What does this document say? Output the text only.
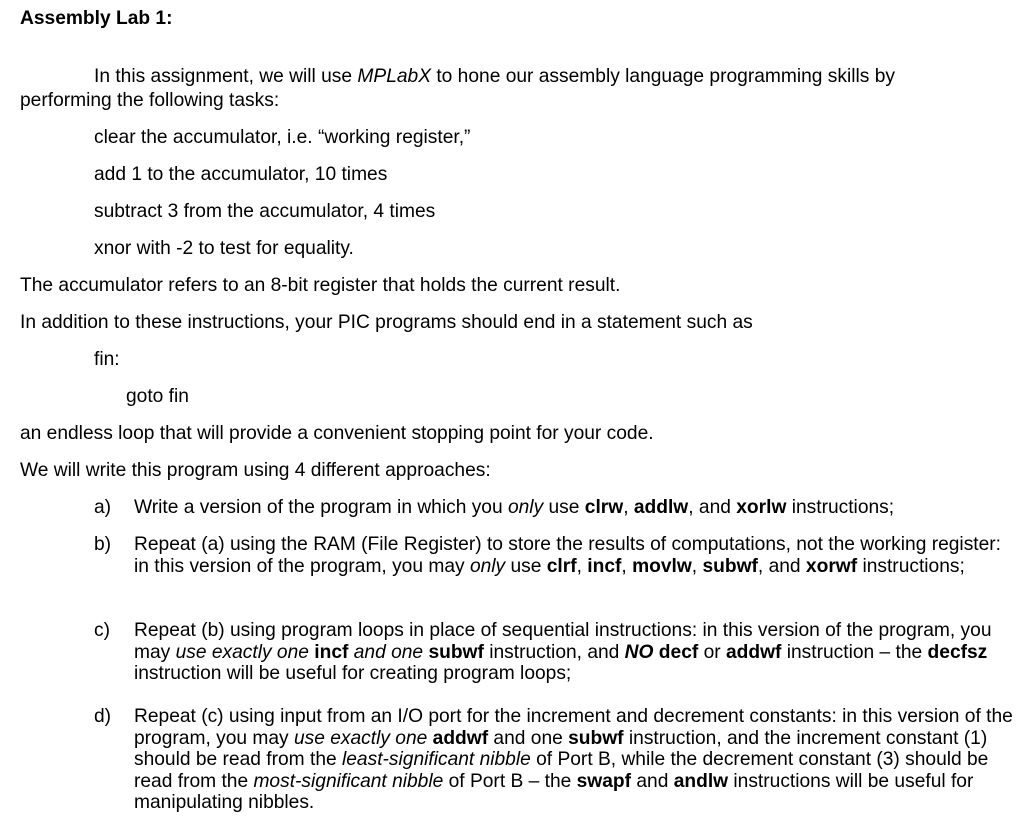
Assembly Lab 1:
In this assignment, we will use MPLabX to hone our assembly language programming skills by
performing the following tasks:
clear the accumulator, i.e. “working register,”
add 1 to the accumulator, 10 times
subtract 3 from the accumulator, 4 times
xnor with -2 to test for equality.
The accumulator refers to an 8-bit register that holds the current result.
In addition to these instructions, your PIC programs should end in a statement such as
fin:
goto fin
an endless loop that will provide a convenient stopping point for your code.
We will write this program using 4 different approaches:
a) Write a version of the program in which you only use clrw, addlw, and xorlw instructions;
b) Repeat (a) using the RAM (File Register) to store the results of computations, not the working register: in this version of the program, you may only use clrf, incf, movlw, subwf, and xorwf instructions;
c) Repeat (b) using program loops in place of sequential instructions: in this version of the program, you may use exactly one incf and one subwf instruction, and NO decf or addwf instruction – the decfsz instruction will be useful for creating program loops;
d) Repeat (c) using input from an I/O port for the increment and decrement constants: in this version of the program, you may use exactly one addwf and one subwf instruction, and the increment constant (1) should be read from the least-significant nibble of Port B, while the decrement constant (3) should be read from the most-significant nibble of Port B – the swapf and andlw instructions will be useful for manipulating nibbles.
